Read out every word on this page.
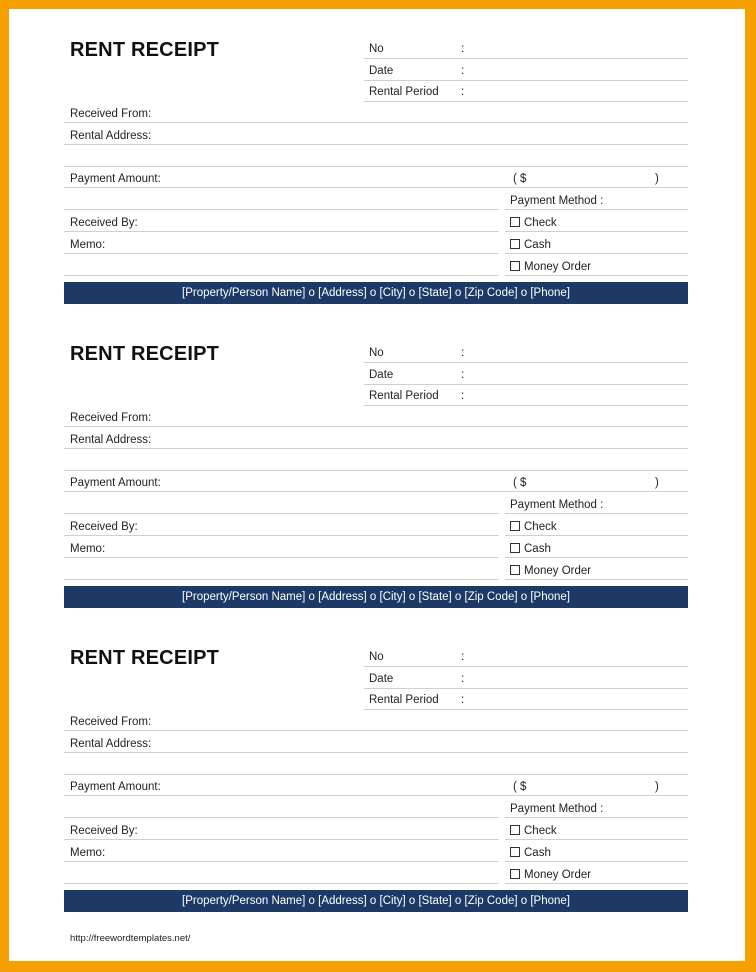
RENT RECEIPT	No	:
Date	:
Rental Period :
Received From:
Rental Address:
Payment Amount:	( $	)
Payment Method :
Received By:	Check
Memo:	Cash
Money Order
[Property/Person Name] o [Address] o [City] o [State] o [Zip Code] o [Phone]
RENT RECEIPT	No	:
Date	:
Rental Period :
Received From:
Rental Address:
Payment Amount:	( $	)
Payment Method :
Received By:	Check
Memo:	Cash
Money Order
[Property/Person Name] o [Address] o [City] o [State] o [Zip Code] o [Phone]
RENT RECEIPT	No	:
Date	:
Rental Period :
Received From:
Rental Address:
Payment Amount:	( $	)
Payment Method :
Received By:	Check
Memo:	Cash
Money Order
[Property/Person Name] o [Address] o [City] o [State] o [Zip Code] o [Phone]
http://freewordtemplates.net/
